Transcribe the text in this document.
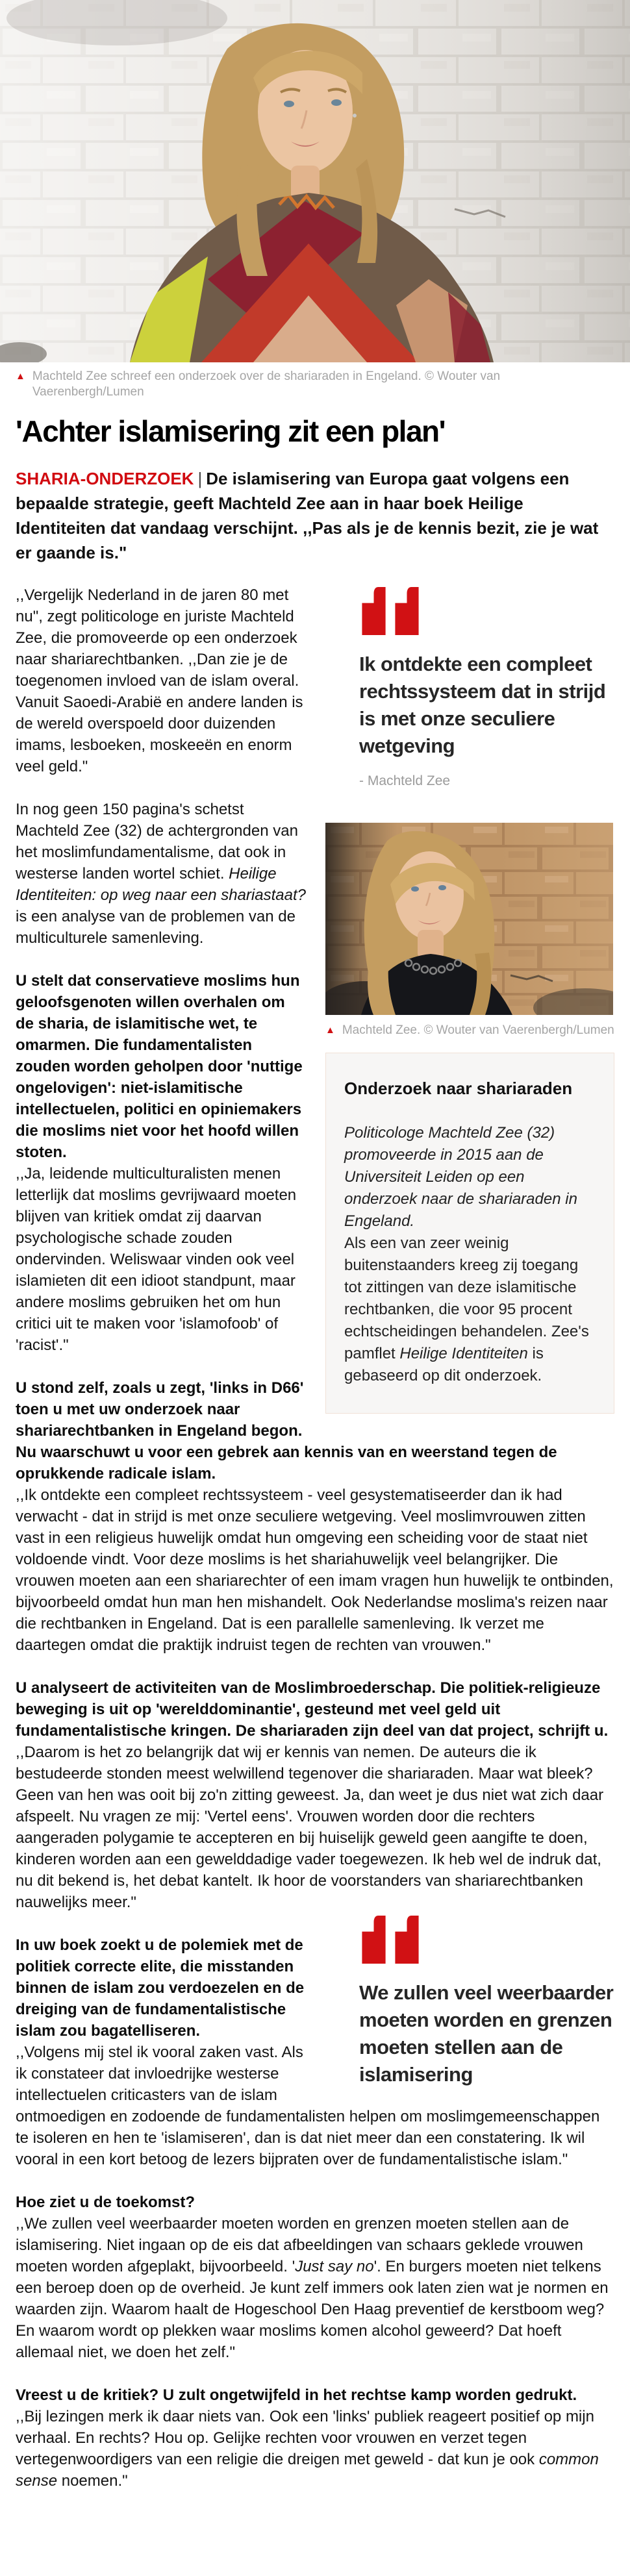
▲ Machteld Zee schreef een onderzoek over de shariaraden in Engeland. © Wouter van Vaerenbergh/Lumen
'Achter islamisering zit een plan'

SHARIA-ONDERZOEK | De islamisering van Europa gaat volgens een bepaalde strategie, geeft Machteld Zee aan in haar boek Heilige Identiteiten dat vandaag verschijnt. ,,Pas als je de kennis bezit, zie je wat er gaande is."

Ik ontdekte een compleet rechtssysteem dat in strijd is met onze seculiere wetgeving
- Machteld Zee
▲ Machteld Zee. © Wouter van Vaerenbergh/Lumen
Onderzoek naar shariaraden

Politicologe Machteld Zee (32) promoveerde in 2015 aan de Universiteit Leiden op een onderzoek naar de shariaraden in Engeland.

Als een van zeer weinig buitenstaanders kreeg zij toegang tot zittingen van deze islamitische rechtbanken, die voor 95 procent echtscheidingen behandelen. Zee's pamflet Heilige Identiteiten is gebaseerd op dit onderzoek.

,,Vergelijk Nederland in de jaren 80 met nu", zegt politicologe en juriste Machteld Zee, die promoveerde op een onderzoek naar shariarechtbanken. ,,Dan zie je de toegenomen invloed van de islam overal. Vanuit Saoedi-Arabië en andere landen is de wereld overspoeld door duizenden imams, lesboeken, moskeeën en enorm veel geld."

In nog geen 150 pagina's schetst Machteld Zee (32) de achtergronden van het moslimfundamentalisme, dat ook in westerse landen wortel schiet. Heilige Identiteiten: op weg naar een shariastaat? is een analyse van de problemen van de multiculturele samenleving.

U stelt dat conservatieve moslims hun geloofsgenoten willen overhalen om de sharia, de islamitische wet, te omarmen. Die fundamentalisten zouden worden geholpen door 'nuttige ongelovigen': niet-islamitische intellectuelen, politici en opiniemakers die moslims niet voor het hoofd willen stoten.

,,Ja, leidende multiculturalisten menen letterlijk dat moslims gevrijwaard moeten blijven van kritiek omdat zij daarvan psychologische schade zouden ondervinden. Weliswaar vinden ook veel islamieten dit een idioot standpunt, maar andere moslims gebruiken het om hun critici uit te maken voor 'islamofoob' of 'racist'."

U stond zelf, zoals u zegt, 'links in D66' toen u met uw onderzoek naar shariarechtbanken in Engeland begon. Nu waarschuwt u voor een gebrek aan kennis van en weerstand tegen de oprukkende radicale islam.

,,Ik ontdekte een compleet rechtssysteem - veel gesystematiseerder dan ik had verwacht - dat in strijd is met onze seculiere wetgeving. Veel moslimvrouwen zitten vast in een religieus huwelijk omdat hun omgeving een scheiding voor de staat niet voldoende vindt. Voor deze moslims is het shariahuwelijk veel belangrijker. Die vrouwen moeten aan een shariarechter of een imam vragen hun huwelijk te ontbinden, bijvoorbeeld omdat hun man hen mishandelt. Ook Nederlandse moslima's reizen naar die rechtbanken in Engeland. Dat is een parallelle samenleving. Ik verzet me daartegen omdat die praktijk indruist tegen de rechten van vrouwen."

U analyseert de activiteiten van de Moslimbroederschap. Die politiek-religieuze beweging is uit op 'werelddominantie', gesteund met veel geld uit fundamentalistische kringen. De shariaraden zijn deel van dat project, schrijft u.

,,Daarom is het zo belangrijk dat wij er kennis van nemen. De auteurs die ik bestudeerde stonden meest welwillend tegenover die shariaraden. Maar wat bleek? Geen van hen was ooit bij zo'n zitting geweest. Ja, dan weet je dus niet wat zich daar afspeelt. Nu vragen ze mij: 'Vertel eens'. Vrouwen worden door die rechters aangeraden polygamie te accepteren en bij huiselijk geweld geen aangifte te doen, kinderen worden aan een gewelddadige vader toegewezen. Ik heb wel de indruk dat, nu dit bekend is, het debat kantelt. Ik hoor de voorstanders van shariarechtbanken nauwelijks meer."

We zullen veel weerbaarder moeten worden en grenzen moeten stellen aan de islamisering

In uw boek zoekt u de polemiek met de politiek correcte elite, die misstanden binnen de islam zou verdoezelen en de dreiging van de fundamentalistische islam zou bagatelliseren.

,,Volgens mij stel ik vooral zaken vast. Als ik constateer dat invloedrijke westerse intellectuelen criticasters van de islam ontmoedigen en zodoende de fundamentalisten helpen om moslimgemeenschappen te isoleren en hen te 'islamiseren', dan is dat niet meer dan een constatering. Ik wil vooral in een kort betoog de lezers bijpraten over de fundamentalistische islam."

Hoe ziet u de toekomst?

,,We zullen veel weerbaarder moeten worden en grenzen moeten stellen aan de islamisering. Niet ingaan op de eis dat afbeeldingen van schaars geklede vrouwen moeten worden afgeplakt, bijvoorbeeld. 'Just say no'. En burgers moeten niet telkens een beroep doen op de overheid. Je kunt zelf immers ook laten zien wat je normen en waarden zijn. Waarom haalt de Hogeschool Den Haag preventief de kerstboom weg? En waarom wordt op plekken waar moslims komen alcohol geweerd? Dat hoeft allemaal niet, we doen het zelf."

Vreest u de kritiek? U zult ongetwijfeld in het rechtse kamp worden gedrukt.

,,Bij lezingen merk ik daar niets van. Ook een 'links' publiek reageert positief op mijn verhaal. En rechts? Hou op. Gelijke rechten voor vrouwen en verzet tegen vertegenwoordigers van een religie die dreigen met geweld - dat kun je ook common sense noemen."
